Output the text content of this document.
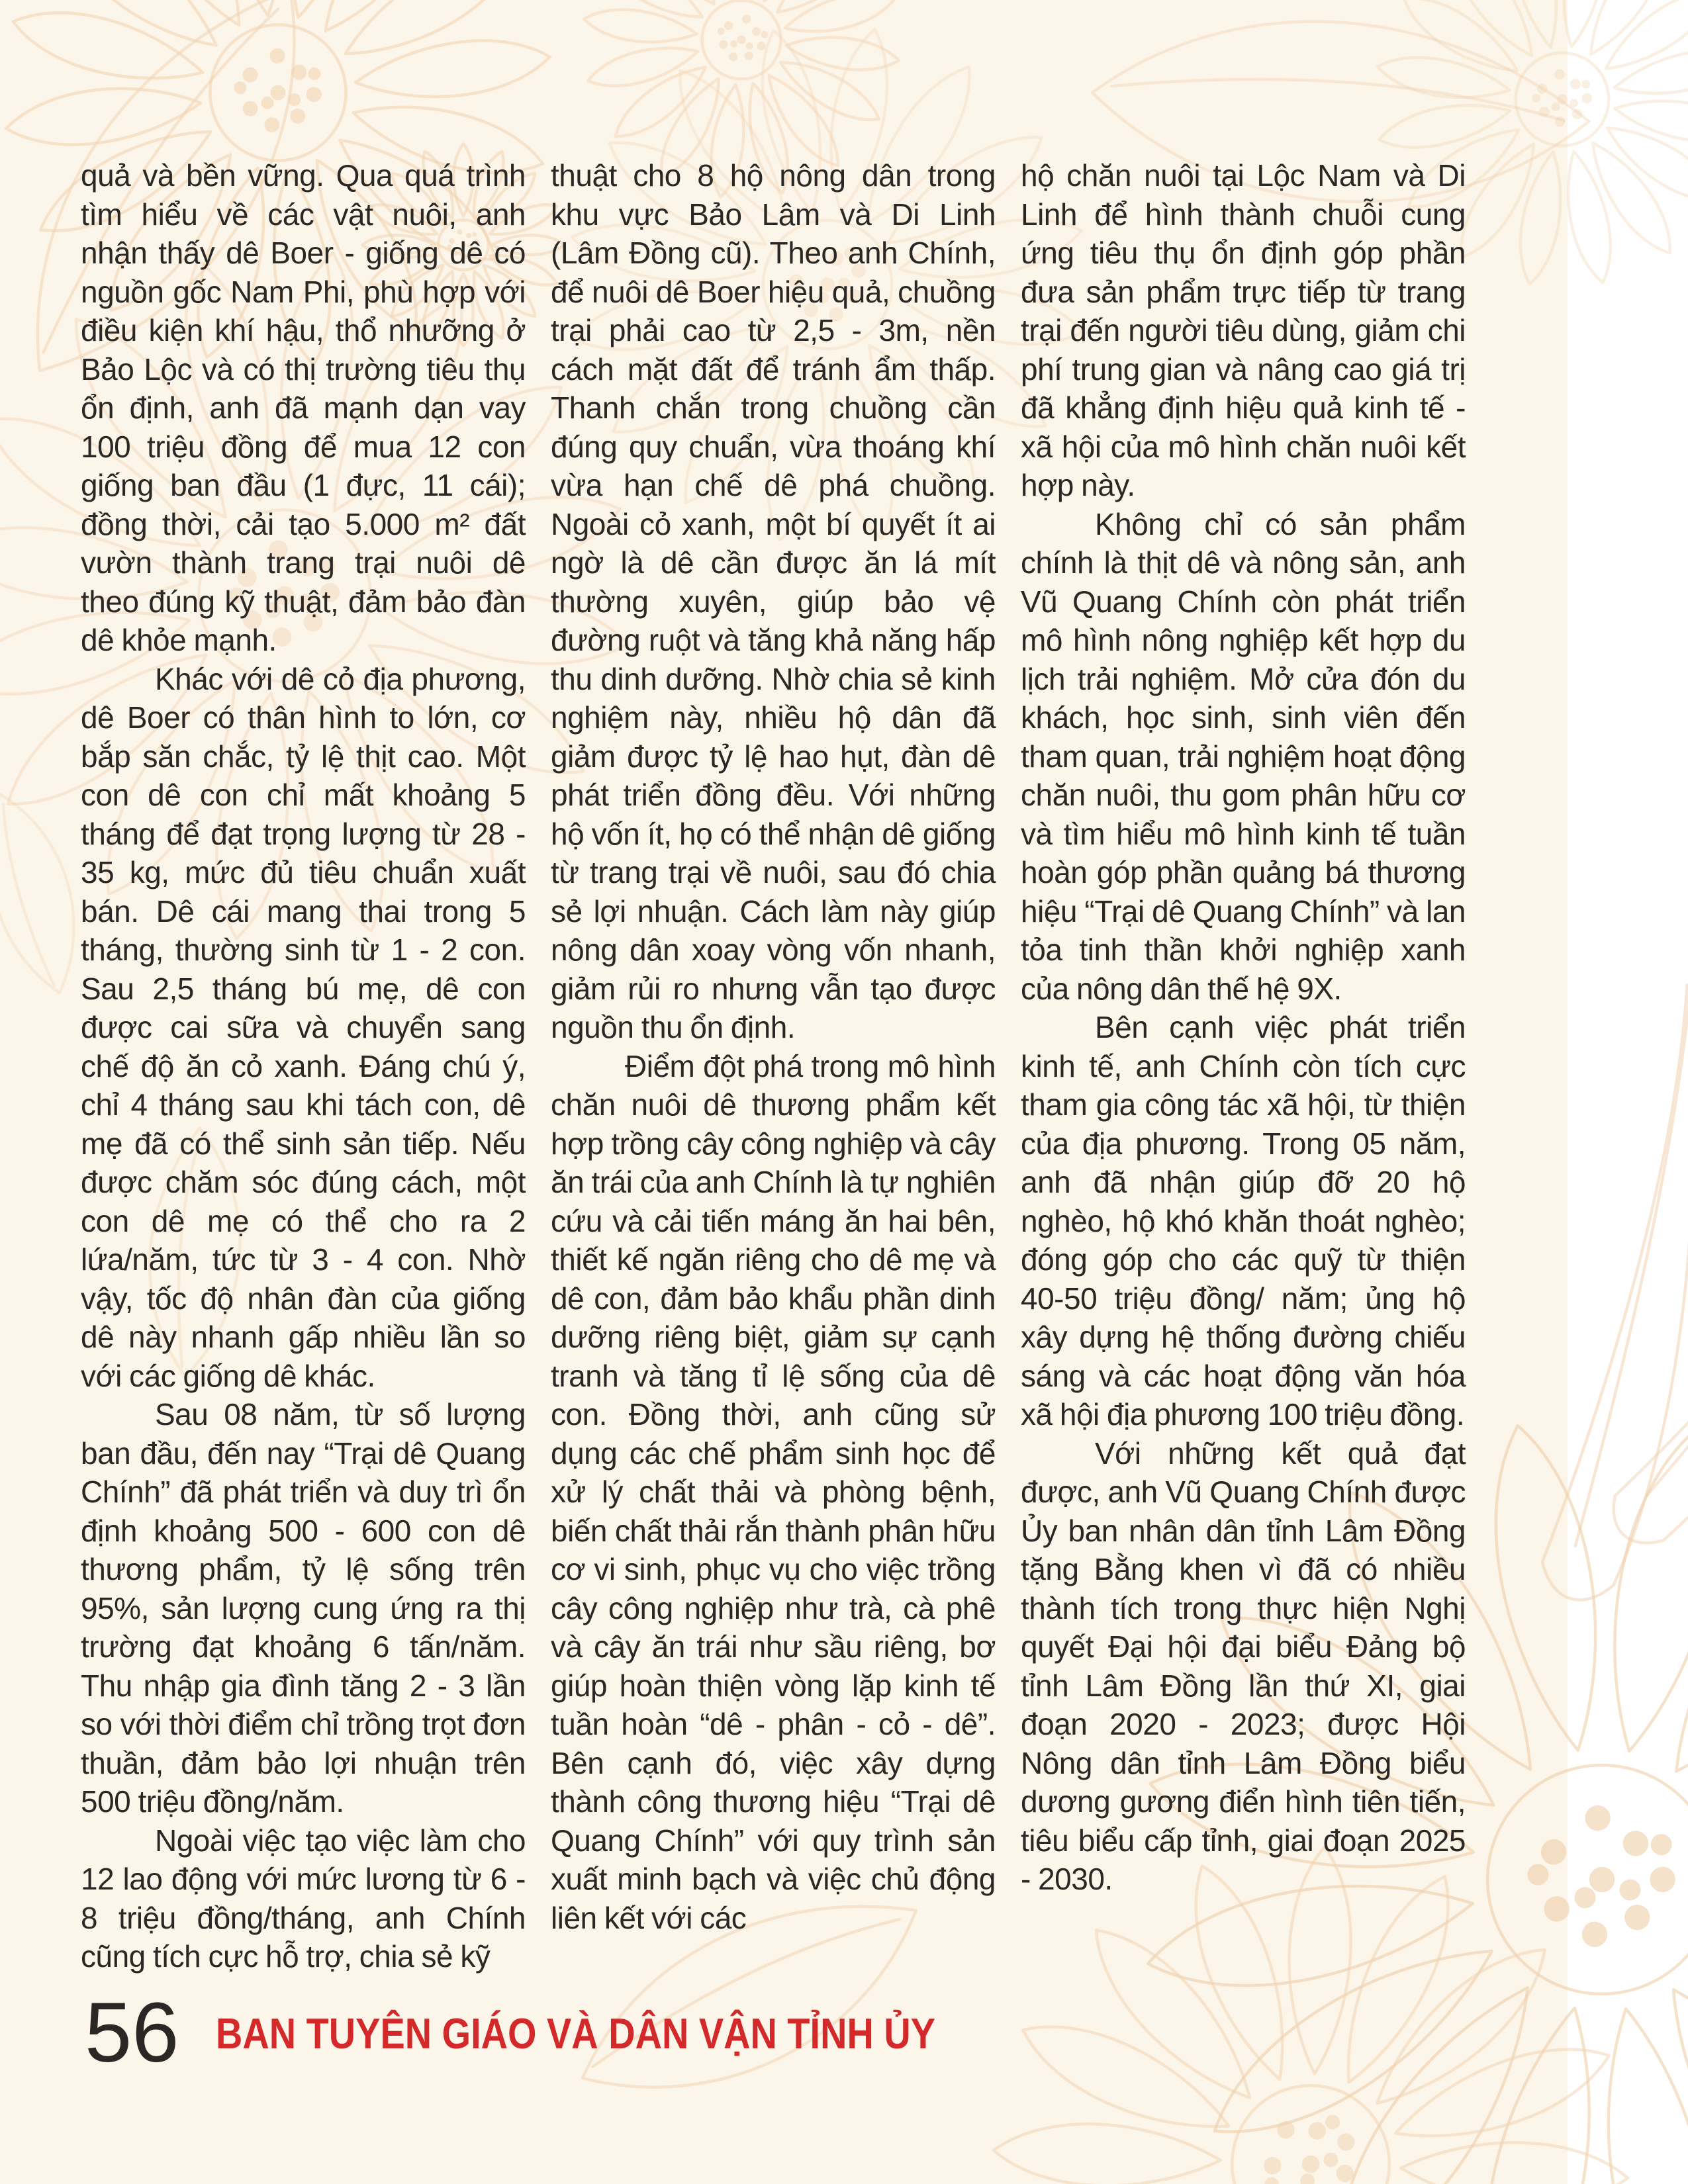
quả và bền vững. Qua quá trình tìm hiểu về các vật nuôi, anh nhận thấy dê Boer - giống dê có nguồn gốc Nam Phi, phù hợp với điều kiện khí hậu, thổ nhưỡng ở Bảo Lộc và có thị trường tiêu thụ ổn định, anh đã mạnh dạn vay 100 triệu đồng để mua 12 con giống ban đầu (1 đực, 11 cái); đồng thời, cải tạo 5.000 m² đất vườn thành trang trại nuôi dê theo đúng kỹ thuật, đảm bảo đàn dê khỏe mạnh.

Khác với dê cỏ địa phương, dê Boer có thân hình to lớn, cơ bắp săn chắc, tỷ lệ thịt cao. Một con dê con chỉ mất khoảng 5 tháng để đạt trọng lượng từ 28 - 35 kg, mức đủ tiêu chuẩn xuất bán. Dê cái mang thai trong 5 tháng, thường sinh từ 1 - 2 con. Sau 2,5 tháng bú mẹ, dê con được cai sữa và chuyển sang chế độ ăn cỏ xanh. Đáng chú ý, chỉ 4 tháng sau khi tách con, dê mẹ đã có thể sinh sản tiếp. Nếu được chăm sóc đúng cách, một con dê mẹ có thể cho ra 2 lứa/năm, tức từ 3 - 4 con. Nhờ vậy, tốc độ nhân đàn của giống dê này nhanh gấp nhiều lần so với các giống dê khác.

Sau 08 năm, từ số lượng ban đầu, đến nay “Trại dê Quang Chính” đã phát triển và duy trì ổn định khoảng 500 - 600 con dê thương phẩm, tỷ lệ sống trên 95%, sản lượng cung ứng ra thị trường đạt khoảng 6 tấn/năm. Thu nhập gia đình tăng 2 - 3 lần so với thời điểm chỉ trồng trọt đơn thuần, đảm bảo lợi nhuận trên 500 triệu đồng/năm.

Ngoài việc tạo việc làm cho 12 lao động với mức lương từ 6 - 8 triệu đồng/tháng, anh Chính cũng tích cực hỗ trợ, chia sẻ kỹ

thuật cho 8 hộ nông dân trong khu vực Bảo Lâm và Di Linh (Lâm Đồng cũ). Theo anh Chính, để nuôi dê Boer hiệu quả, chuồng trại phải cao từ 2,5 - 3m, nền cách mặt đất để tránh ẩm thấp. Thanh chắn trong chuồng cần đúng quy chuẩn, vừa thoáng khí vừa hạn chế dê phá chuồng. Ngoài cỏ xanh, một bí quyết ít ai ngờ là dê cần được ăn lá mít thường xuyên, giúp bảo vệ đường ruột và tăng khả năng hấp thu dinh dưỡng. Nhờ chia sẻ kinh nghiệm này, nhiều hộ dân đã giảm được tỷ lệ hao hụt, đàn dê phát triển đồng đều. Với những hộ vốn ít, họ có thể nhận dê giống từ trang trại về nuôi, sau đó chia sẻ lợi nhuận. Cách làm này giúp nông dân xoay vòng vốn nhanh, giảm rủi ro nhưng vẫn tạo được nguồn thu ổn định.

Điểm đột phá trong mô hình chăn nuôi dê thương phẩm kết hợp trồng cây công nghiệp và cây ăn trái của anh Chính là tự nghiên cứu và cải tiến máng ăn hai bên, thiết kế ngăn riêng cho dê mẹ và dê con, đảm bảo khẩu phần dinh dưỡng riêng biệt, giảm sự cạnh tranh và tăng tỉ lệ sống của dê con. Đồng thời, anh cũng sử dụng các chế phẩm sinh học để xử lý chất thải và phòng bệnh, biến chất thải rắn thành phân hữu cơ vi sinh, phục vụ cho việc trồng cây công nghiệp như trà, cà phê và cây ăn trái như sầu riêng, bơ giúp hoàn thiện vòng lặp kinh tế tuần hoàn “dê - phân - cỏ - dê”. Bên cạnh đó, việc xây dựng thành công thương hiệu “Trại dê Quang Chính” với quy trình sản xuất minh bạch và việc chủ động liên kết với các

hộ chăn nuôi tại Lộc Nam và Di Linh để hình thành chuỗi cung ứng tiêu thụ ổn định góp phần đưa sản phẩm trực tiếp từ trang trại đến người tiêu dùng, giảm chi phí trung gian và nâng cao giá trị đã khẳng định hiệu quả kinh tế - xã hội của mô hình chăn nuôi kết hợp này.

Không chỉ có sản phẩm chính là thịt dê và nông sản, anh Vũ Quang Chính còn phát triển mô hình nông nghiệp kết hợp du lịch trải nghiệm. Mở cửa đón du khách, học sinh, sinh viên đến tham quan, trải nghiệm hoạt động chăn nuôi, thu gom phân hữu cơ và tìm hiểu mô hình kinh tế tuần hoàn góp phần quảng bá thương hiệu “Trại dê Quang Chính” và lan tỏa tinh thần khởi nghiệp xanh của nông dân thế hệ 9X.

Bên cạnh việc phát triển kinh tế, anh Chính còn tích cực tham gia công tác xã hội, từ thiện của địa phương. Trong 05 năm, anh đã nhận giúp đỡ 20 hộ nghèo, hộ khó khăn thoát nghèo; đóng góp cho các quỹ từ thiện 40-50 triệu đồng/ năm; ủng hộ xây dựng hệ thống đường chiếu sáng và các hoạt động văn hóa xã hội địa phương 100 triệu đồng.

Với những kết quả đạt được, anh Vũ Quang Chính được Ủy ban nhân dân tỉnh Lâm Đồng tặng Bằng khen vì đã có nhiều thành tích trong thực hiện Nghị quyết Đại hội đại biểu Đảng bộ tỉnh Lâm Đồng lần thứ XI, giai đoạn 2020 - 2023; được Hội Nông dân tỉnh Lâm Đồng biểu dương gương điển hình tiên tiến, tiêu biểu cấp tỉnh, giai đoạn 2025 - 2030.

56 BAN TUYÊN GIÁO VÀ DÂN VẬN TỈNH ỦY
